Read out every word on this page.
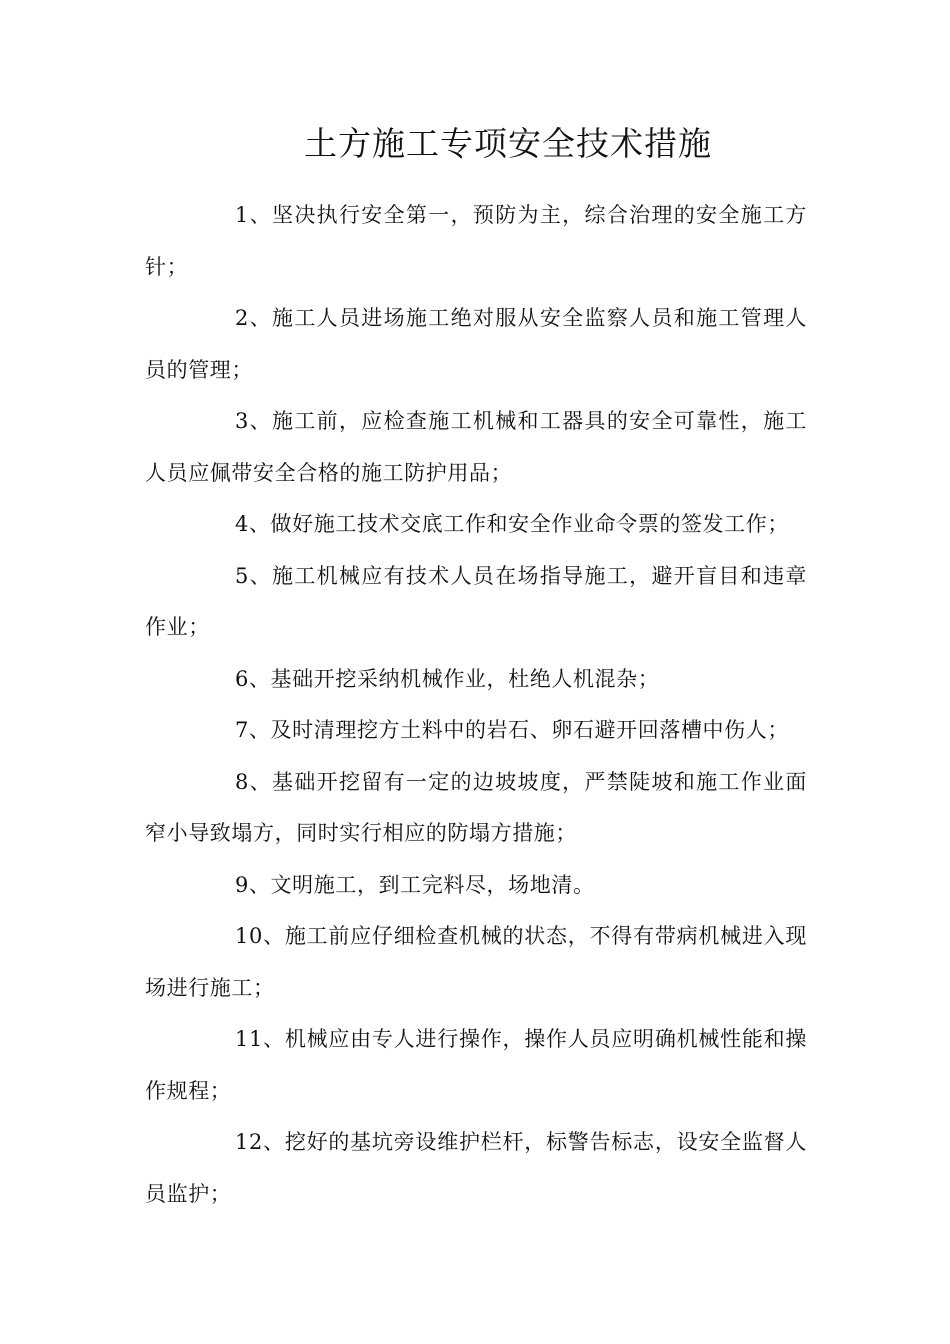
土方施工专项安全技术措施

1、坚决执行安全第一，预防为主，综合治理的安全施工方针；

2、施工人员进场施工绝对服从安全监察人员和施工管理人员的管理；

3、施工前，应检查施工机械和工器具的安全可靠性，施工人员应佩带安全合格的施工防护用品；

4、做好施工技术交底工作和安全作业命令票的签发工作；

5、施工机械应有技术人员在场指导施工，避开盲目和违章作业；

6、基础开挖采纳机械作业，杜绝人机混杂；

7、及时清理挖方土料中的岩石、卵石避开回落槽中伤人；

8、基础开挖留有一定的边坡坡度，严禁陡坡和施工作业面窄小导致塌方，同时实行相应的防塌方措施；

9、文明施工，到工完料尽，场地清。

10、施工前应仔细检查机械的状态，不得有带病机械进入现场进行施工；

11、机械应由专人进行操作，操作人员应明确机械性能和操作规程；

12、挖好的基坑旁设维护栏杆，标警告标志，设安全监督人员监护；
